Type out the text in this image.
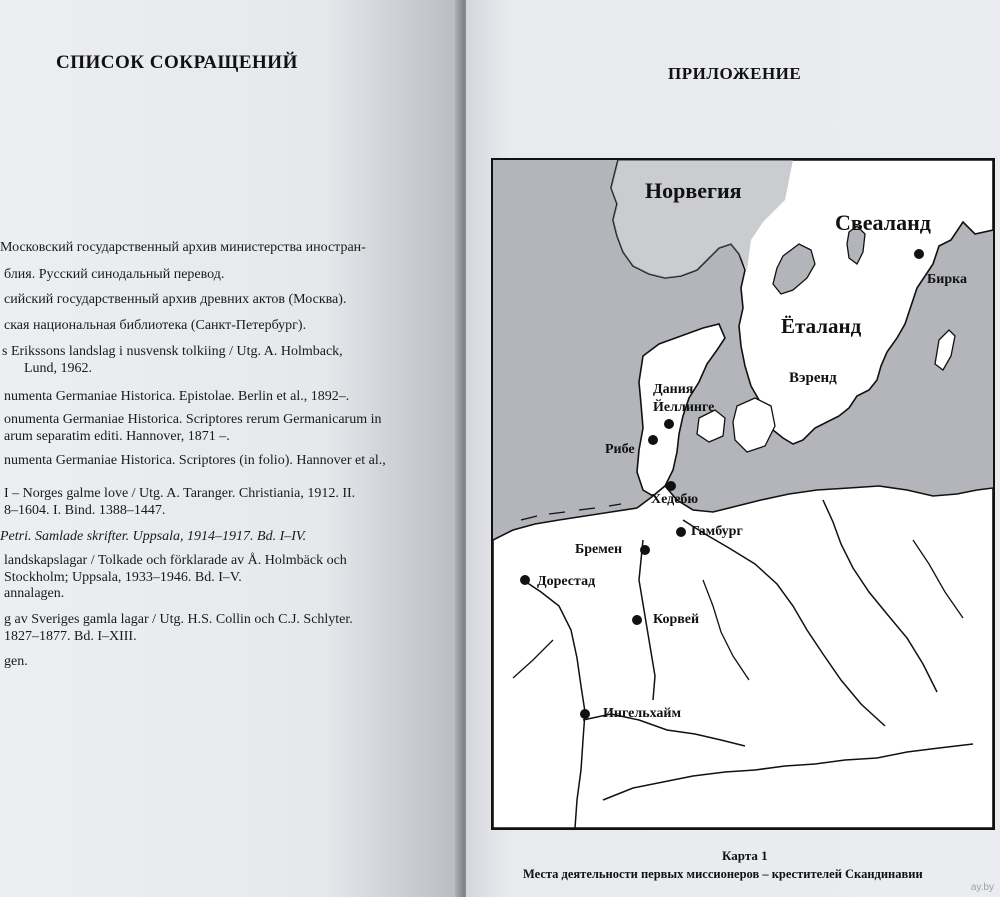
СПИСОК СОКРАЩЕНИЙ
Московский государственный архив министерства иностран-
блия. Русский синодальный перевод.
сийский государственный архив древних актов (Москва).
ская национальная библиотека (Санкт-Петербург).
s Erikssons landslag i nusvensk tolkiing / Utg. A. Holmback,
Lund, 1962.
numenta Germaniae Historica. Epistolae. Berlin et al., 1892–.
onumenta Germaniae Historica. Scriptores rerum Germanicarum in
arum separatim editi. Hannover, 1871 –.
numenta Germaniae Historica. Scriptores (in folio). Hannover et al.,
I – Norges galme love / Utg. A. Taranger. Christiania, 1912. II.
8–1604. I. Bind. 1388–1447.
Petri. Samlade skrifter. Uppsala, 1914–1917. Bd. I–IV.
landskapslagar / Tolkade och förklarade av Å. Holmbäck och
Stockholm; Uppsala, 1933–1946. Bd. I–V.
annalagen.
g av Sveriges gamla lagar / Utg. H.S. Collin och C.J. Schlyter.
1827–1877. Bd. I–XIII.
gen.
ПРИЛОЖЕНИЕ
Норвегия
Свеаланд
Бирка
Ёталанд
Вэренд
Дания
Йеллинге
Рибе
Хедебю
Гамбург
Бремен
Дорестад
Корвей
Ингельхайм
Карта 1
Места деятельности первых миссионеров – крестителей Скандинавии
ay.by
